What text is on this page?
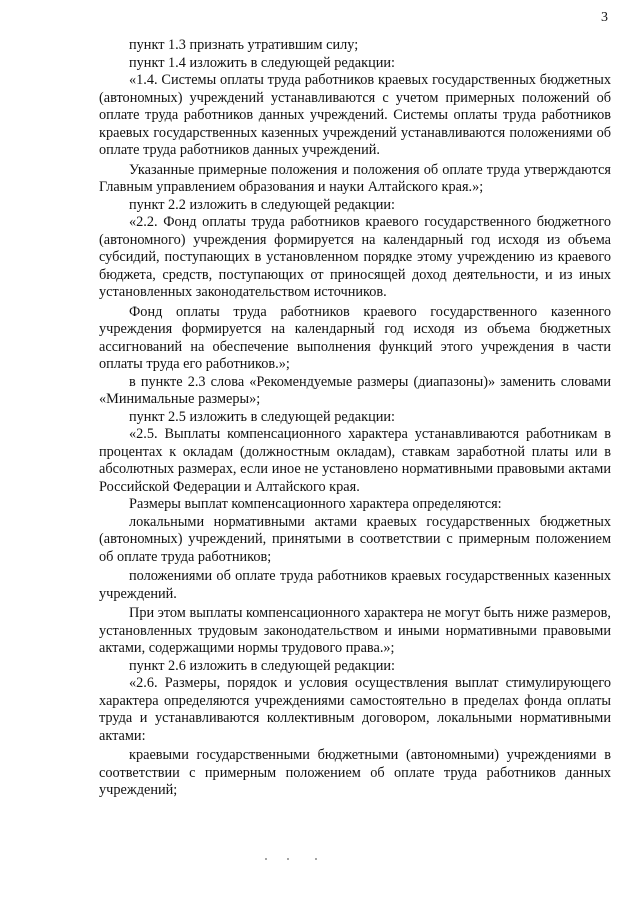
3

пункт 1.3 признать утратившим силу;

пункт 1.4 изложить в следующей редакции:

«1.4. Системы оплаты труда работников краевых государственных бюджетных (автономных) учреждений устанавливаются с учетом примерных положений об оплате труда работников данных учреждений. Системы оплаты труда работников краевых государственных казенных учреждений устанавливаются положениями об оплате труда работников данных учреждений.

Указанные примерные положения и положения об оплате труда утверждаются Главным управлением образования и науки Алтайского края.»;

пункт 2.2 изложить в следующей редакции:

«2.2. Фонд оплаты труда работников краевого государственного бюджетного (автономного) учреждения формируется на календарный год исходя из объема субсидий, поступающих в установленном порядке этому учреждению из краевого бюджета, средств, поступающих от приносящей доход деятельности, и из иных установленных законодательством источников.

Фонд оплаты труда работников краевого государственного казенного учреждения формируется на календарный год исходя из объема бюджетных ассигнований на обеспечение выполнения функций этого учреждения в части оплаты труда его работников.»;

в пункте 2.3 слова «Рекомендуемые размеры (диапазоны)» заменить словами «Минимальные размеры»;

пункт 2.5 изложить в следующей редакции:

«2.5. Выплаты компенсационного характера устанавливаются работникам в процентах к окладам (должностным окладам), ставкам заработной платы или в абсолютных размерах, если иное не установлено нормативными правовыми актами Российской Федерации и Алтайского края.

Размеры выплат компенсационного характера определяются:

локальными нормативными актами краевых государственных бюджетных (автономных) учреждений, принятыми в соответствии с примерным положением об оплате труда работников;

положениями об оплате труда работников краевых государственных казенных учреждений.

При этом выплаты компенсационного характера не могут быть ниже размеров, установленных трудовым законодательством и иными нормативными правовыми актами, содержащими нормы трудового права.»;

пункт 2.6 изложить в следующей редакции:

«2.6. Размеры, порядок и условия осуществления выплат стимулирующего характера определяются учреждениями самостоятельно в пределах фонда оплаты труда и устанавливаются коллективным договором, локальными нормативными актами:

краевыми государственными бюджетными (автономными) учреждениями в соответствии с примерным положением об оплате труда работников данных учреждений;
